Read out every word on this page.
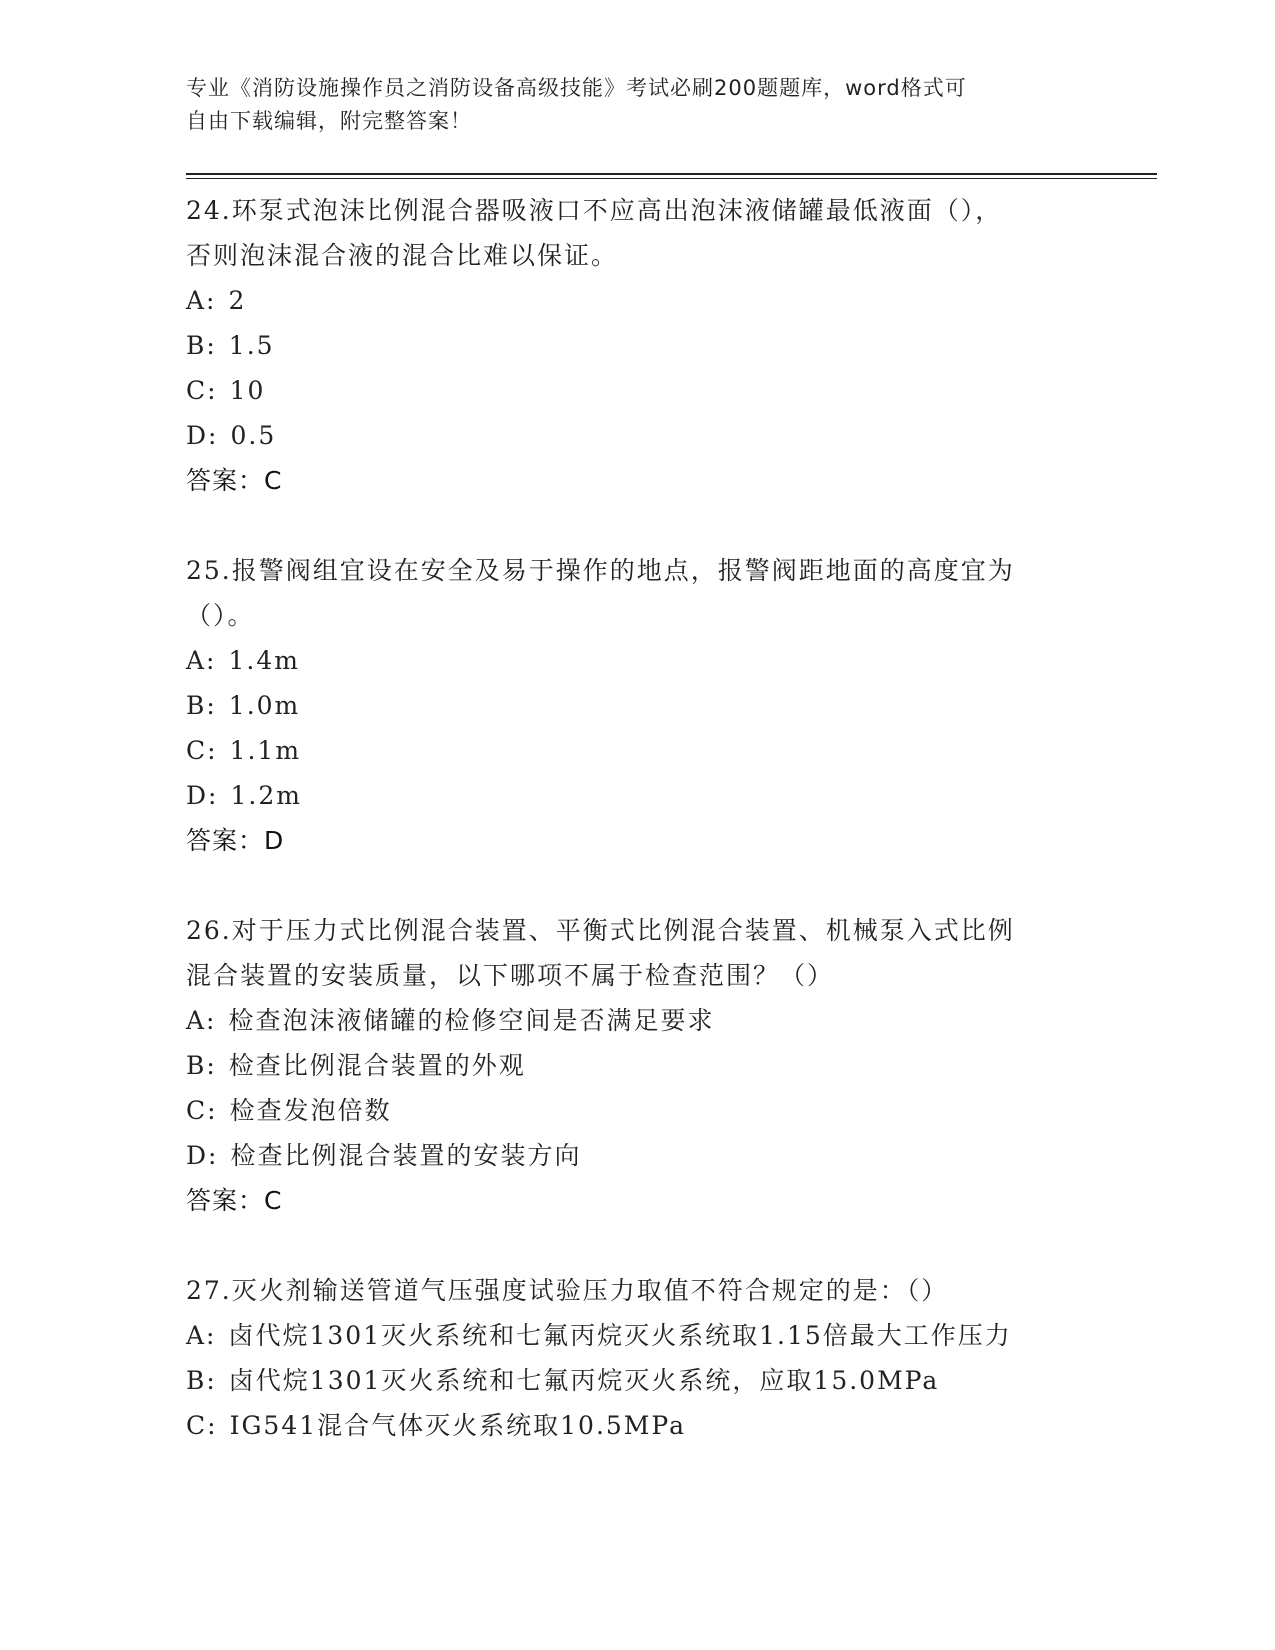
专业《消防设施操作员之消防设备高级技能》考试必刷200题题库，word格式可
自由下载编辑，附完整答案！
24.环泵式泡沫比例混合器吸液口不应高出泡沫液储罐最低液面（），
否则泡沫混合液的混合比难以保证。
A: 2
B: 1.5
C: 10
D: 0.5
答案：C
25.报警阀组宜设在安全及易于操作的地点，报警阀距地面的高度宜为
（）。
A: 1.4m
B: 1.0m
C: 1.1m
D: 1.2m
答案：D
26.对于压力式比例混合装置、平衡式比例混合装置、机械泵入式比例
混合装置的安装质量，以下哪项不属于检查范围？（）
A: 检查泡沫液储罐的检修空间是否满足要求
B: 检查比例混合装置的外观
C: 检查发泡倍数
D: 检查比例混合装置的安装方向
答案：C
27.灭火剂输送管道气压强度试验压力取值不符合规定的是：（）
A: 卤代烷1301灭火系统和七氟丙烷灭火系统取1.15倍最大工作压力
B: 卤代烷1301灭火系统和七氟丙烷灭火系统，应取15.0MPa
C: IG541混合气体灭火系统取10.5MPa
